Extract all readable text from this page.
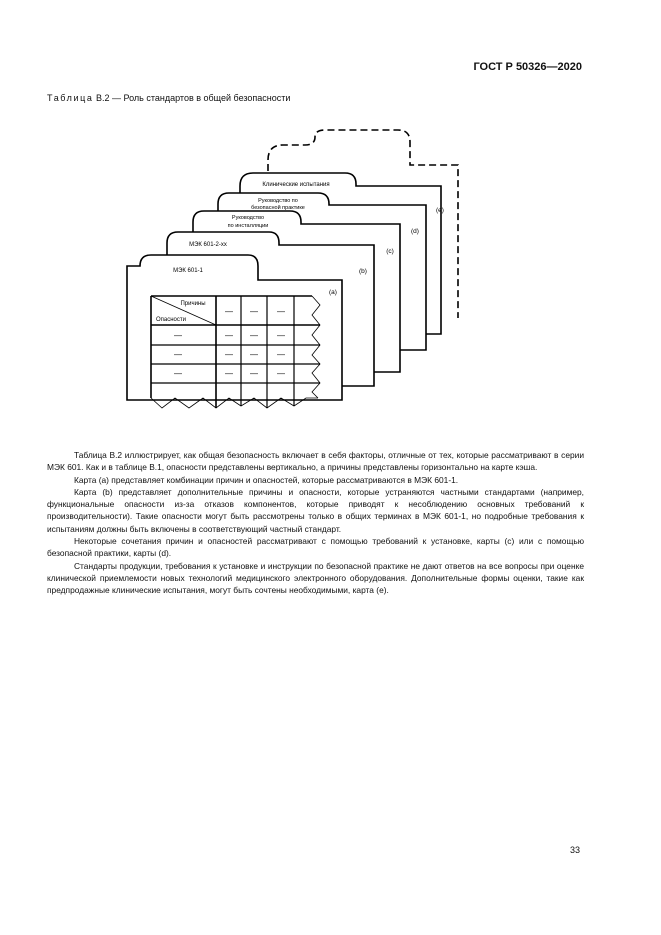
ГОСТ Р 50326—2020
Таблица В.2 — Роль стандартов в общей безопасности
Клинические испытания
Руководство по
безопасной практике
Руководство
по инсталляции
МЭК 601-2-xx
МЭК 601-1
(e)
(d)
(c)
(b)
(a)
Причины
Опасности
— — —
—	— — —
—	— — —
—	— — —

Таблица В.2 иллюстрирует, как общая безопасность включает в себя факторы, отличные от тех, которые рассматривают в серии МЭК 601. Как и в таблице В.1, опасности представлены вертикально, а причины представлены горизонтально на карте кэша.

Карта (a) представляет комбинации причин и опасностей, которые рассматриваются в МЭК 601-1.

Карта (b) представляет дополнительные причины и опасности, которые устраняются частными стандартами (например, функциональные опасности из-за отказов компонентов, которые приводят к несоблюдению основных требований к производительности). Такие опасности могут быть рассмотрены только в общих терминах в МЭК 601-1, но подробные требования к испытаниям должны быть включены в соответствующий частный стандарт.

Некоторые сочетания причин и опасностей рассматривают с помощью требований к установке, карты (c) или с помощью безопасной практики, карты (d).

Стандарты продукции, требования к установке и инструкции по безопасной практике не дают ответов на все вопросы при оценке клинической приемлемости новых технологий медицинского электронного оборудования. Дополнительные формы оценки, такие как предпродажные клинические испытания, могут быть сочтены необходимыми, карта (e).

33
